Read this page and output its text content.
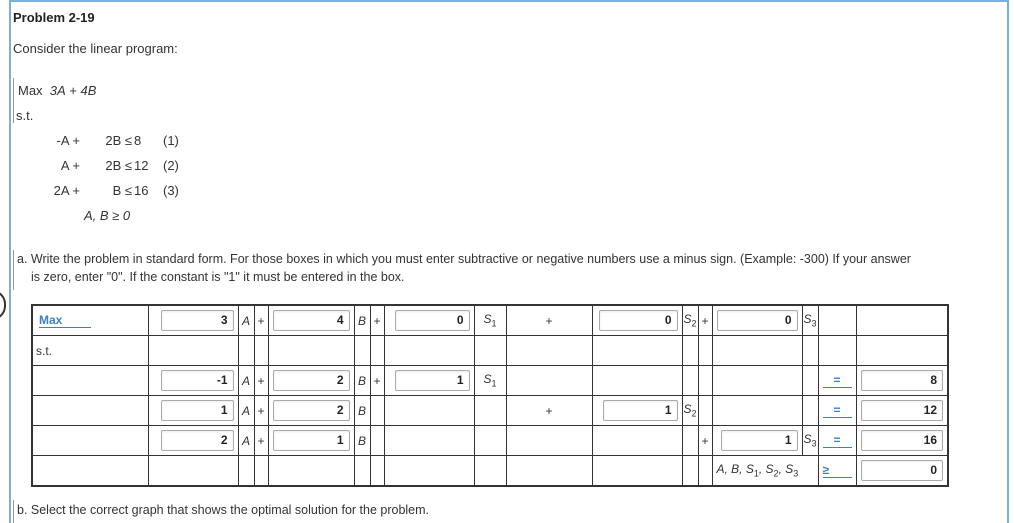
Problem 2-19
Consider the linear program:
Max 3A + 4B
s.t.
-A +	2B ≤ 8 (1)
A +	2B ≤ 12 (2)
2A +	B ≤ 16 (3)
A, B ≥ 0
a. Write the problem in standard form. For those boxes in which you must enter subtractive or negative numbers use a minus sign. (Example: -300) If your answer
is zero, enter "0". If the constant is "1" it must be entered in the box.
Max	3	A	+	4	B	+	0	$S_1$	+	0	$S_2$	+	0	$S_3$		
s.t.																
	-1	A	+	2	B	+	1	$S_1$							=	8
	1	A	+	2	B				+	1	$S_2$				=	12
	2	A	+	1	B							+	1	$S_3$	=	16
													A, B, $S_1$, $S_2$, $S_3$		≥	0
b. Select the correct graph that shows the optimal solution for the problem.
